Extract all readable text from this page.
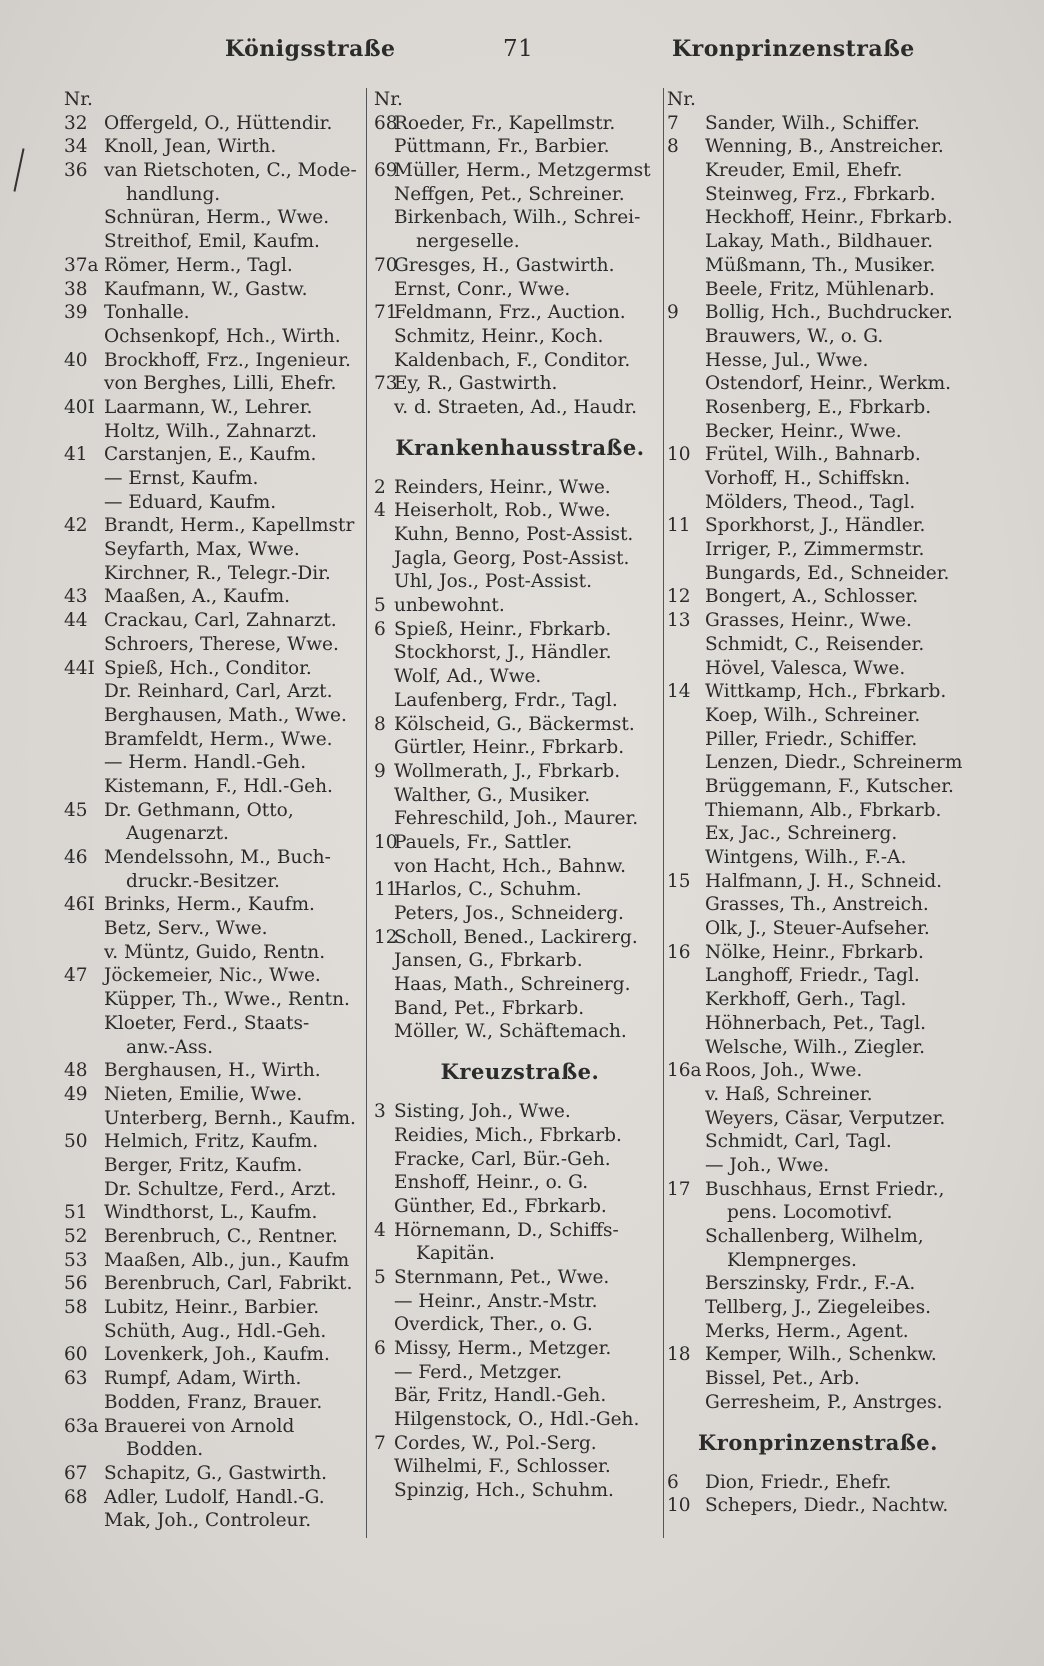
Königsstraße	71	Kronprinzenstraße
Nr.
32 Offergeld, O., Hüttendir.
34 Knoll, Jean, Wirth.
36 van Rietschoten, C., Mode-
handlung.
Schnüran, Herm., Wwe.
Streithof, Emil, Kaufm.
37a Römer, Herm., Tagl.
38 Kaufmann, W., Gastw.
39 Tonhalle.
Ochsenkopf, Hch., Wirth.
40 Brockhoff, Frz., Ingenieur.
von Berghes, Lilli, Ehefr.
40I Laarmann, W., Lehrer.
Holtz, Wilh., Zahnarzt.
41 Carstanjen, E., Kaufm.
— Ernst, Kaufm.
— Eduard, Kaufm.
42 Brandt, Herm., Kapellmstr
Seyfarth, Max, Wwe.
Kirchner, R., Telegr.-Dir.
43 Maaßen, A., Kaufm.
44 Crackau, Carl, Zahnarzt.
Schroers, Therese, Wwe.
44I Spieß, Hch., Conditor.
Dr. Reinhard, Carl, Arzt.
Berghausen, Math., Wwe.
Bramfeldt, Herm., Wwe.
— Herm. Handl.-Geh.
Kistemann, F., Hdl.-Geh.
45 Dr. Gethmann, Otto,
Augenarzt.
46 Mendelssohn, M., Buch-
druckr.-Besitzer.
46I Brinks, Herm., Kaufm.
Betz, Serv., Wwe.
v. Müntz, Guido, Rentn.
47 Jöckemeier, Nic., Wwe.
Küpper, Th., Wwe., Rentn.
Kloeter, Ferd., Staats-
anw.-Ass.
48 Berghausen, H., Wirth.
49 Nieten, Emilie, Wwe.
Unterberg, Bernh., Kaufm.
50 Helmich, Fritz, Kaufm.
Berger, Fritz, Kaufm.
Dr. Schultze, Ferd., Arzt.
51 Windthorst, L., Kaufm.
52 Berenbruch, C., Rentner.
53 Maaßen, Alb., jun., Kaufm
56 Berenbruch, Carl, Fabrikt.
58 Lubitz, Heinr., Barbier.
Schüth, Aug., Hdl.-Geh.
60 Lovenkerk, Joh., Kaufm.
63 Rumpf, Adam, Wirth.
Bodden, Franz, Brauer.
63a Brauerei von Arnold
Bodden.
67 Schapitz, G., Gastwirth.
68 Adler, Ludolf, Handl.-G.
Mak, Joh., Controleur.
Nr.
68
Roeder, Fr., Kapellmstr.
Püttmann, Fr., Barbier.
69
Müller, Herm., Metzgermst
Neffgen, Pet., Schreiner.
Birkenbach, Wilh., Schrei-
nergeselle.
70
Gresges, H., Gastwirth.
Ernst, Conr., Wwe.
71
Feldmann, Frz., Auction.
Schmitz, Heinr., Koch.
Kaldenbach, F., Conditor.
73
Ey, R., Gastwirth.
v. d. Straeten, Ad., Haudr.
Krankenhausstraße.
2 Reinders, Heinr., Wwe.
4 Heiserholt, Rob., Wwe.
Kuhn, Benno, Post-Assist.
Jagla, Georg, Post-Assist.
Uhl, Jos., Post-Assist.
5 unbewohnt.
6 Spieß, Heinr., Fbrkarb.
Stockhorst, J., Händler.
Wolf, Ad., Wwe.
Laufenberg, Frdr., Tagl.
8 Kölscheid, G., Bäckermst.
Gürtler, Heinr., Fbrkarb.
9 Wollmerath, J., Fbrkarb.
Walther, G., Musiker.
Fehreschild, Joh., Maurer.
10
Pauels, Fr., Sattler.
von Hacht, Hch., Bahnw.
11
Harlos, C., Schuhm.
Peters, Jos., Schneiderg.
12
Scholl, Bened., Lackirerg.
Jansen, G., Fbrkarb.
Haas, Math., Schreinerg.
Band, Pet., Fbrkarb.
Möller, W., Schäftemach.
Kreuzstraße.
3 Sisting, Joh., Wwe.
Reidies, Mich., Fbrkarb.
Fracke, Carl, Bür.-Geh.
Enshoff, Heinr., o. G.
Günther, Ed., Fbrkarb.
4 Hörnemann, D., Schiffs-
Kapitän.
5 Sternmann, Pet., Wwe.
— Heinr., Anstr.-Mstr.
Overdick, Ther., o. G.
6 Missy, Herm., Metzger.
— Ferd., Metzger.
Bär, Fritz, Handl.-Geh.
Hilgenstock, O., Hdl.-Geh.
7 Cordes, W., Pol.-Serg.
Wilhelmi, F., Schlosser.
Spinzig, Hch., Schuhm.
Nr.
7 Sander, Wilh., Schiffer.
8 Wenning, B., Anstreicher.
Kreuder, Emil, Ehefr.
Steinweg, Frz., Fbrkarb.
Heckhoff, Heinr., Fbrkarb.
Lakay, Math., Bildhauer.
Müßmann, Th., Musiker.
Beele, Fritz, Mühlenarb.
9 Bollig, Hch., Buchdrucker.
Brauwers, W., o. G.
Hesse, Jul., Wwe.
Ostendorf, Heinr., Werkm.
Rosenberg, E., Fbrkarb.
Becker, Heinr., Wwe.
10 Frütel, Wilh., Bahnarb.
Vorhoff, H., Schiffskn.
Mölders, Theod., Tagl.
11 Sporkhorst, J., Händler.
Irriger, P., Zimmermstr.
Bungards, Ed., Schneider.
12 Bongert, A., Schlosser.
13 Grasses, Heinr., Wwe.
Schmidt, C., Reisender.
Hövel, Valesca, Wwe.
14 Wittkamp, Hch., Fbrkarb.
Koep, Wilh., Schreiner.
Piller, Friedr., Schiffer.
Lenzen, Diedr., Schreinerm
Brüggemann, F., Kutscher.
Thiemann, Alb., Fbrkarb.
Ex, Jac., Schreinerg.
Wintgens, Wilh., F.-A.
15 Halfmann, J. H., Schneid.
Grasses, Th., Anstreich.
Olk, J., Steuer-Aufseher.
16 Nölke, Heinr., Fbrkarb.
Langhoff, Friedr., Tagl.
Kerkhoff, Gerh., Tagl.
Höhnerbach, Pet., Tagl.
Welsche, Wilh., Ziegler.
16a Roos, Joh., Wwe.
v. Haß, Schreiner.
Weyers, Cäsar, Verputzer.
Schmidt, Carl, Tagl.
— Joh., Wwe.
17 Buschhaus, Ernst Friedr.,
pens. Locomotivf.
Schallenberg, Wilhelm,
Klempnerges.
Berszinsky, Frdr., F.-A.
Tellberg, J., Ziegeleibes.
Merks, Herm., Agent.
18 Kemper, Wilh., Schenkw.
Bissel, Pet., Arb.
Gerresheim, P., Anstrges.
Kronprinzenstraße.
6 Dion, Friedr., Ehefr.
10 Schepers, Diedr., Nachtw.
